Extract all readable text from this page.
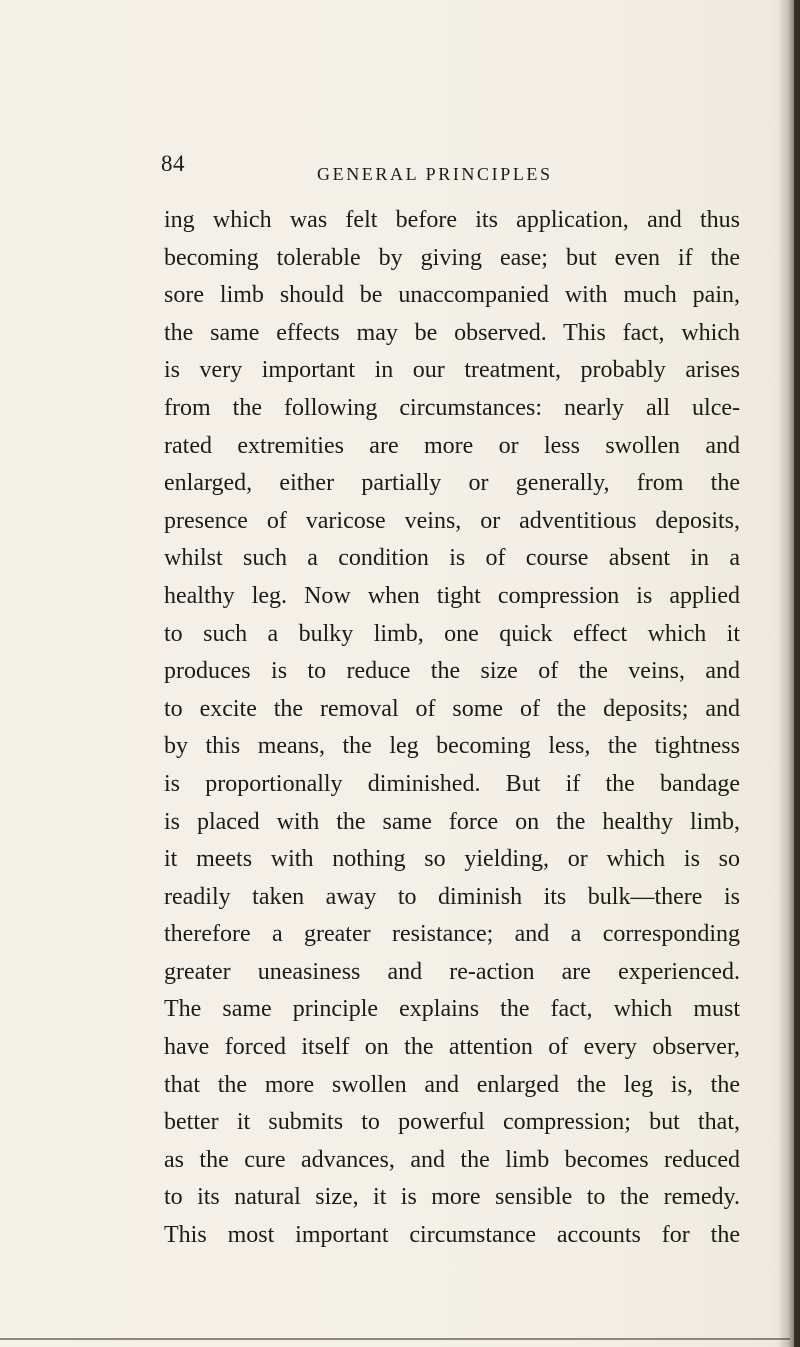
84	GENERAL PRINCIPLES
ing which was felt before its application, and thus
becoming tolerable by giving ease; but even if the
sore limb should be unaccompanied with much pain,
the same effects may be observed. This fact, which
is very important in our treatment, probably arises
from the following circumstances: nearly all ulce-
rated extremities are more or less swollen and
enlarged, either partially or generally, from the
presence of varicose veins, or adventitious deposits,
whilst such a condition is of course absent in a
healthy leg. Now when tight compression is applied
to such a bulky limb, one quick effect which it
produces is to reduce the size of the veins, and
to excite the removal of some of the deposits; and
by this means, the leg becoming less, the tightness
is proportionally diminished. But if the bandage
is placed with the same force on the healthy limb,
it meets with nothing so yielding, or which is so
readily taken away to diminish its bulk—there is
therefore a greater resistance; and a corresponding
greater uneasiness and re-action are experienced.
The same principle explains the fact, which must
have forced itself on the attention of every observer,
that the more swollen and enlarged the leg is, the
better it submits to powerful compression; but that,
as the cure advances, and the limb becomes reduced
to its natural size, it is more sensible to the remedy.
This most important circumstance accounts for the
